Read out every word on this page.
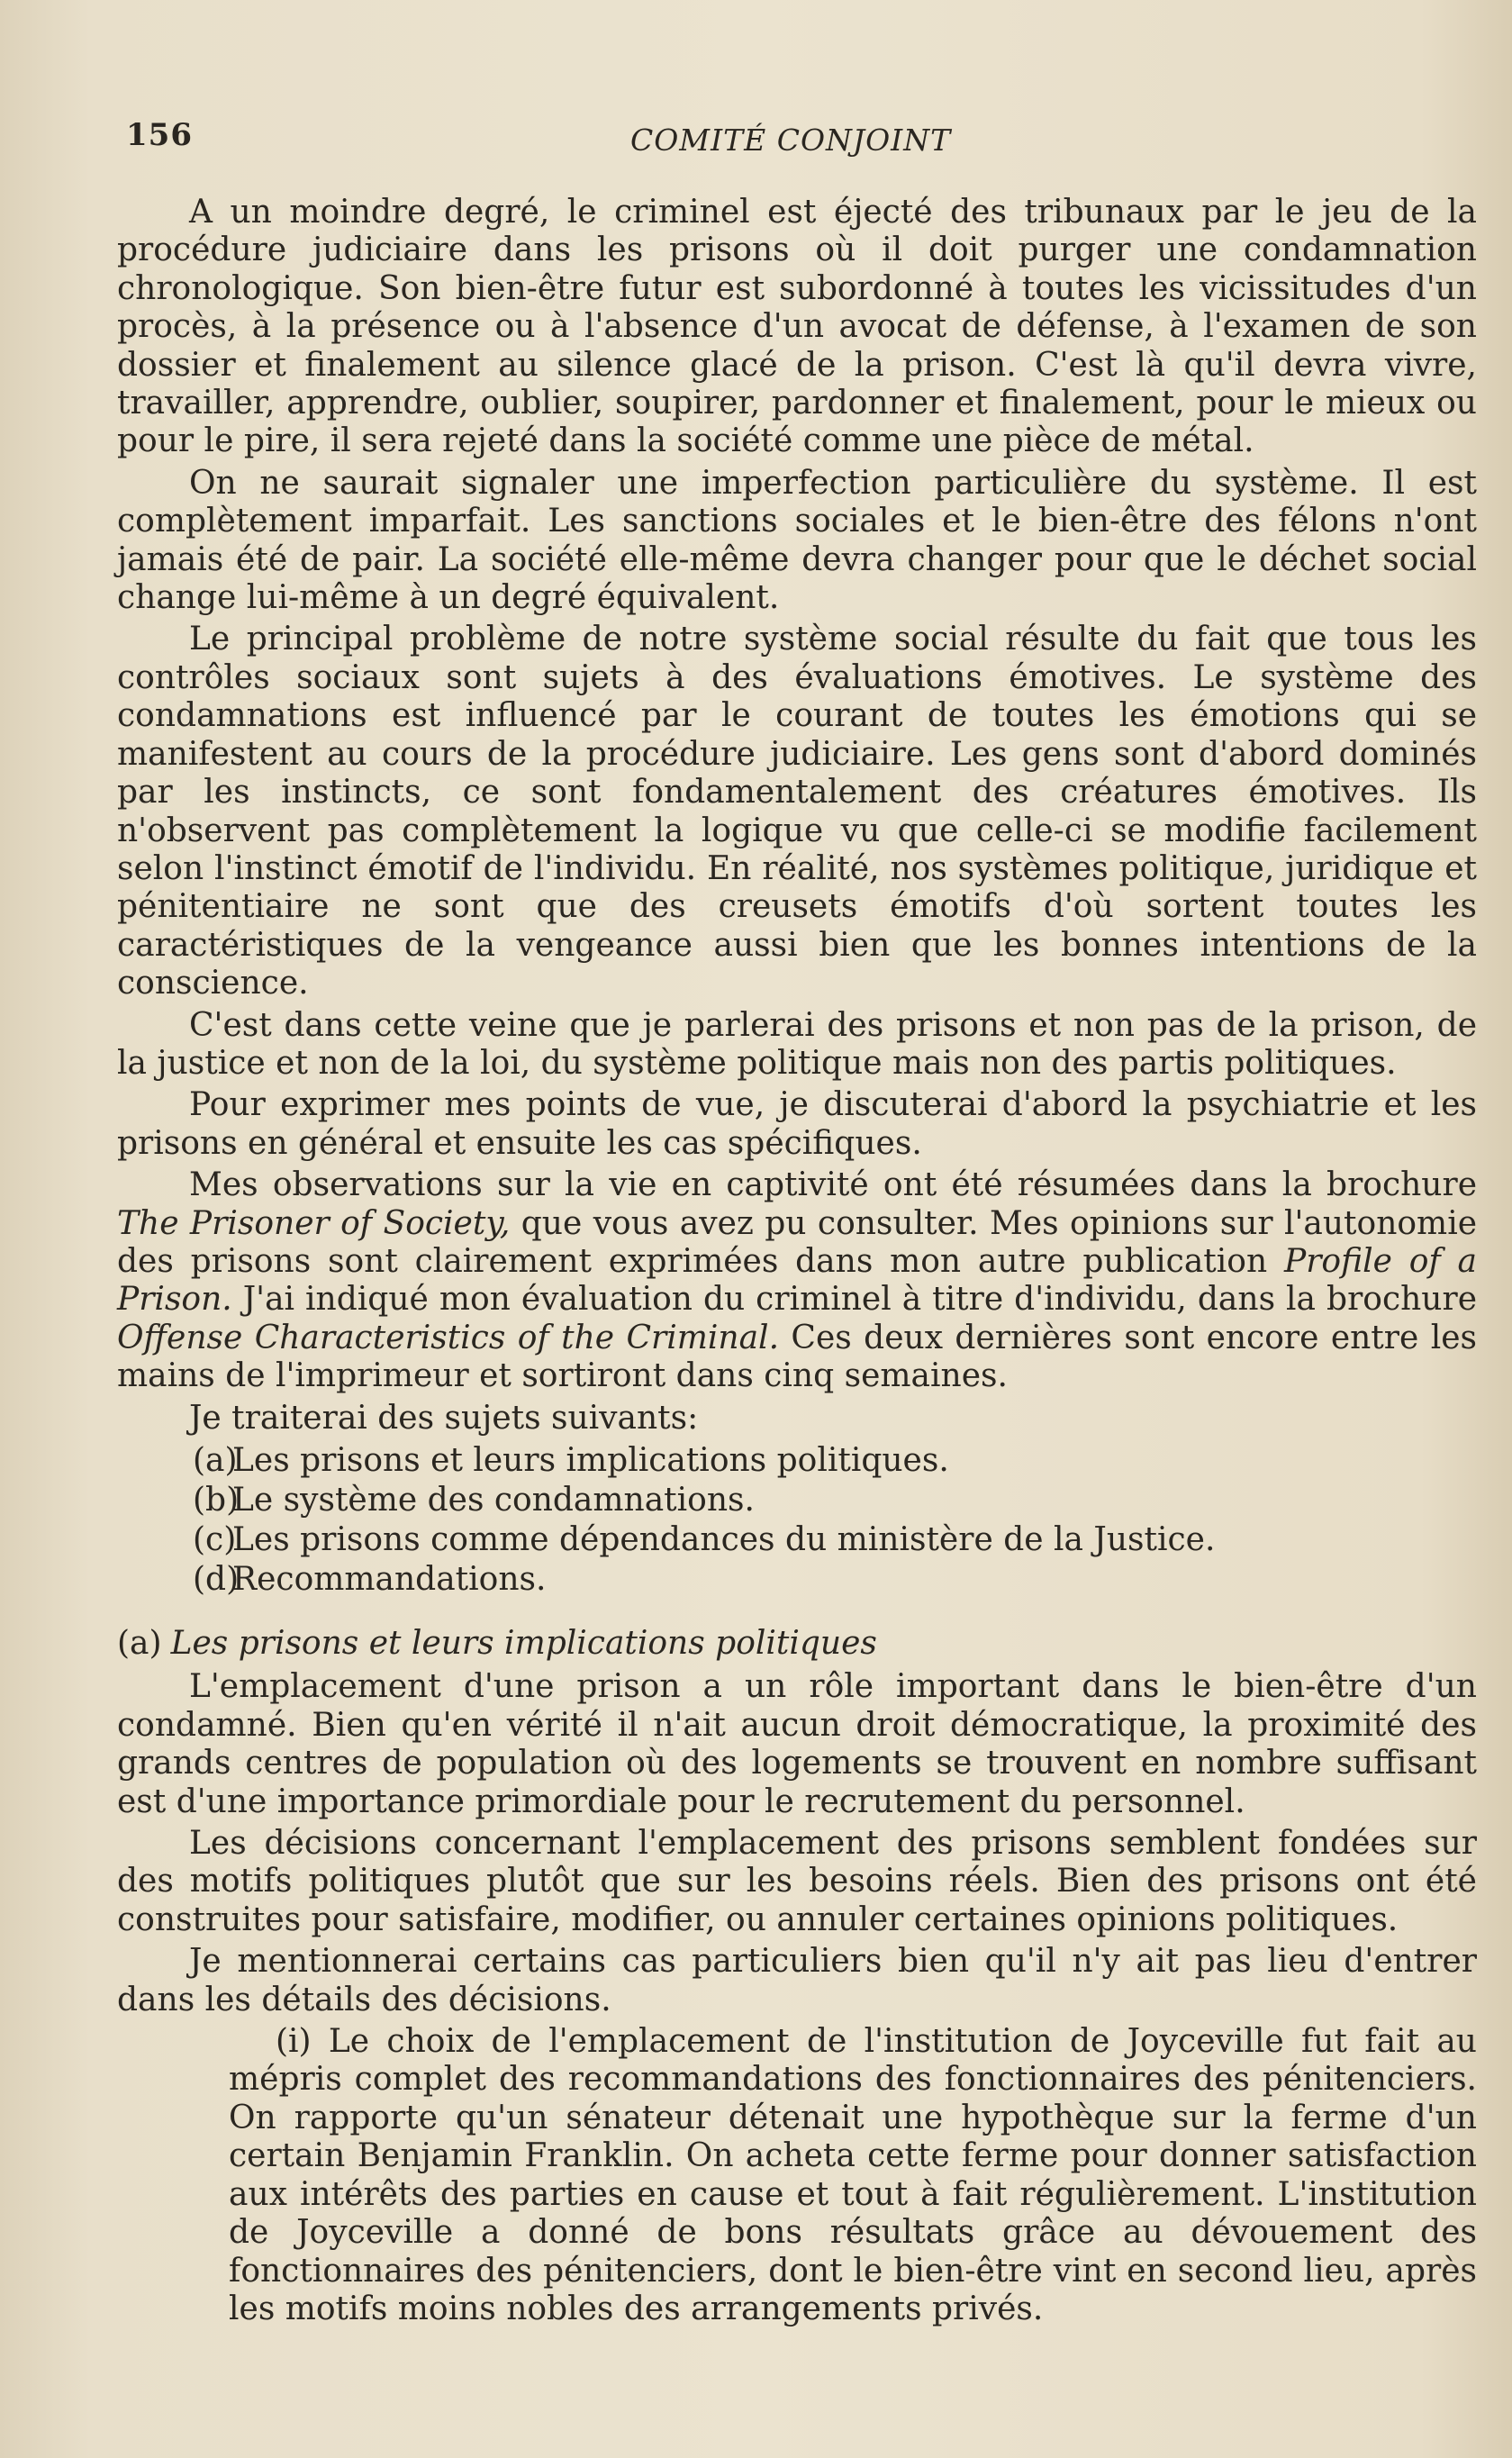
156	COMITÉ CONJOINT

A un moindre degré, le criminel est éjecté des tribunaux par le jeu de la procédure judiciaire dans les prisons où il doit purger une condamnation chronologique. Son bien-être futur est subordonné à toutes les vicissitudes d'un procès, à la présence ou à l'absence d'un avocat de défense, à l'examen de son dossier et finalement au silence glacé de la prison. C'est là qu'il devra vivre, travailler, apprendre, oublier, soupirer, pardonner et finalement, pour le mieux ou pour le pire, il sera rejeté dans la société comme une pièce de métal.

On ne saurait signaler une imperfection particulière du système. Il est complètement imparfait. Les sanctions sociales et le bien-être des félons n'ont jamais été de pair. La société elle-même devra changer pour que le déchet social change lui-même à un degré équivalent.

Le principal problème de notre système social résulte du fait que tous les contrôles sociaux sont sujets à des évaluations émotives. Le système des condamnations est influencé par le courant de toutes les émotions qui se manifestent au cours de la procédure judiciaire. Les gens sont d'abord dominés par les instincts, ce sont fondamentalement des créatures émotives. Ils n'observent pas complètement la logique vu que celle-ci se modifie facilement selon l'instinct émotif de l'individu. En réalité, nos systèmes politique, juridique et pénitentiaire ne sont que des creusets émotifs d'où sortent toutes les caractéristiques de la vengeance aussi bien que les bonnes intentions de la conscience.

C'est dans cette veine que je parlerai des prisons et non pas de la prison, de la justice et non de la loi, du système politique mais non des partis politiques.

Pour exprimer mes points de vue, je discuterai d'abord la psychiatrie et les prisons en général et ensuite les cas spécifiques.

Mes observations sur la vie en captivité ont été résumées dans la brochure The Prisoner of Society, que vous avez pu consulter. Mes opinions sur l'autonomie des prisons sont clairement exprimées dans mon autre publication Profile of a Prison. J'ai indiqué mon évaluation du criminel à titre d'individu, dans la brochure Offense Characteristics of the Criminal. Ces deux dernières sont encore entre les mains de l'imprimeur et sortiront dans cinq semaines.

Je traiterai des sujets suivants:

(a)Les prisons et leurs implications politiques.
(b)Le système des condamnations.
(c)Les prisons comme dépendances du ministère de la Justice.
(d)Recommandations.
(a) Les prisons et leurs implications politiques

L'emplacement d'une prison a un rôle important dans le bien-être d'un condamné. Bien qu'en vérité il n'ait aucun droit démocratique, la proximité des grands centres de population où des logements se trouvent en nombre suffisant est d'une importance primordiale pour le recrutement du personnel.

Les décisions concernant l'emplacement des prisons semblent fondées sur des motifs politiques plutôt que sur les besoins réels. Bien des prisons ont été construites pour satisfaire, modifier, ou annuler certaines opinions politiques.

Je mentionnerai certains cas particuliers bien qu'il n'y ait pas lieu d'entrer dans les détails des décisions.

(i) Le choix de l'emplacement de l'institution de Joyceville fut fait au mépris complet des recommandations des fonctionnaires des pénitenciers. On rapporte qu'un sénateur détenait une hypothèque sur la ferme d'un certain Benjamin Franklin. On acheta cette ferme pour donner satisfaction aux intérêts des parties en cause et tout à fait régulièrement. L'institution de Joyceville a donné de bons résultats grâce au dévouement des fonctionnaires des pénitenciers, dont le bien-être vint en second lieu, après les motifs moins nobles des arrangements privés.
